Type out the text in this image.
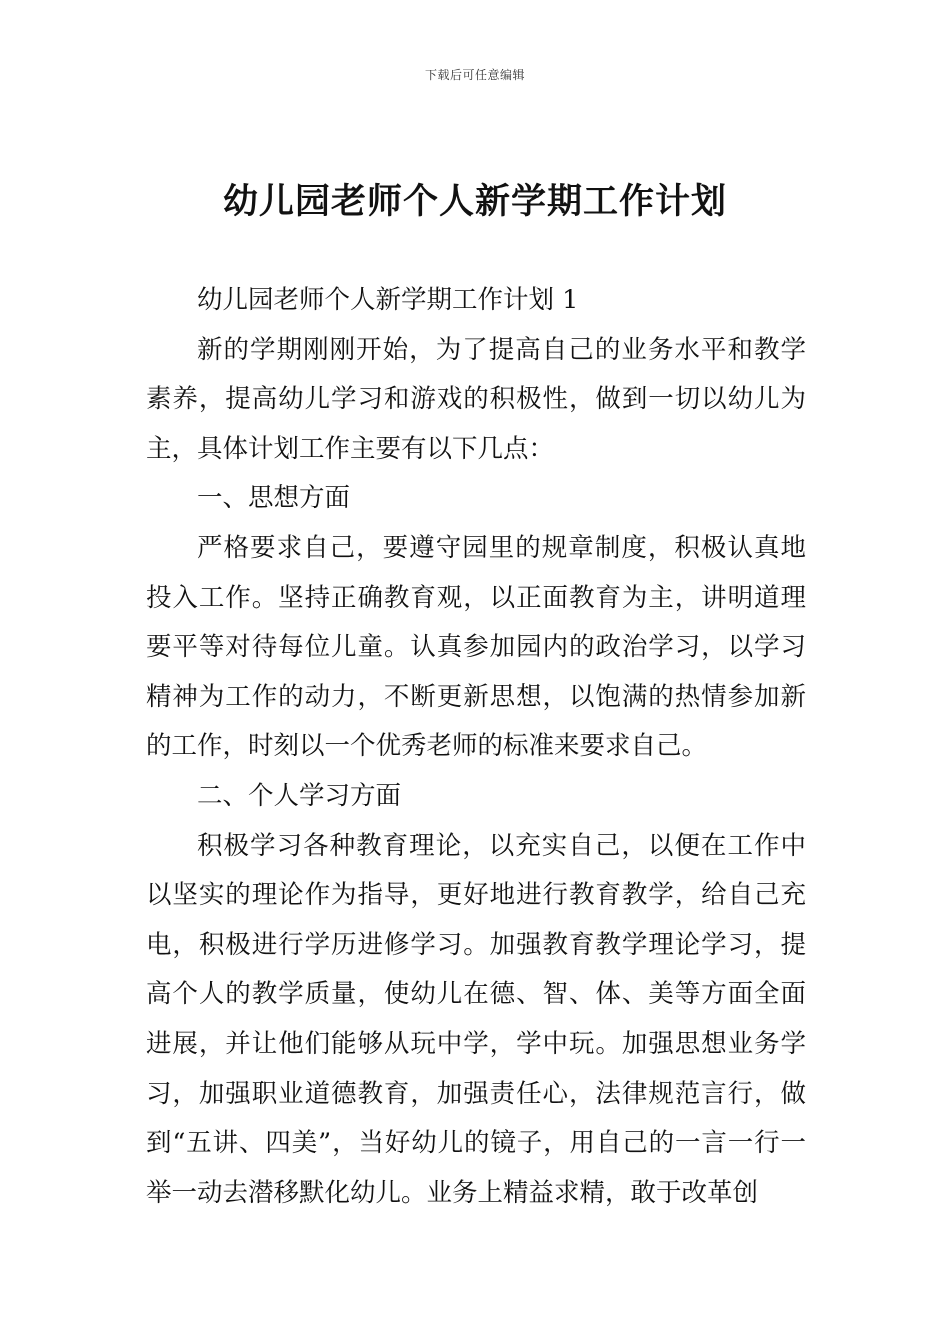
下载后可任意编辑
幼儿园老师个人新学期工作计划

幼儿园老师个人新学期工作计划 1

新的学期刚刚开始，为了提高自己的业务水平和教学素养，提高幼儿学习和游戏的积极性，做到一切以幼儿为主，具体计划工作主要有以下几点：

一、思想方面

严格要求自己，要遵守园里的规章制度，积极认真地投入工作。坚持正确教育观，以正面教育为主，讲明道理要平等对待每位儿童。认真参加园内的政治学习，以学习精神为工作的动力，不断更新思想，以饱满的热情参加新的工作，时刻以一个优秀老师的标准来要求自己。

二、个人学习方面

积极学习各种教育理论，以充实自己，以便在工作中以坚实的理论作为指导，更好地进行教育教学，给自己充电，积极进行学历进修学习。加强教育教学理论学习，提高个人的教学质量，使幼儿在德、智、体、美等方面全面进展，并让他们能够从玩中学，学中玩。加强思想业务学习，加强职业道德教育，加强责任心，法律规范言行，做到“五讲、四美”，当好幼儿的镜子，用自己的一言一行一举一动去潜移默化幼儿。业务上精益求精，敢于改革创
